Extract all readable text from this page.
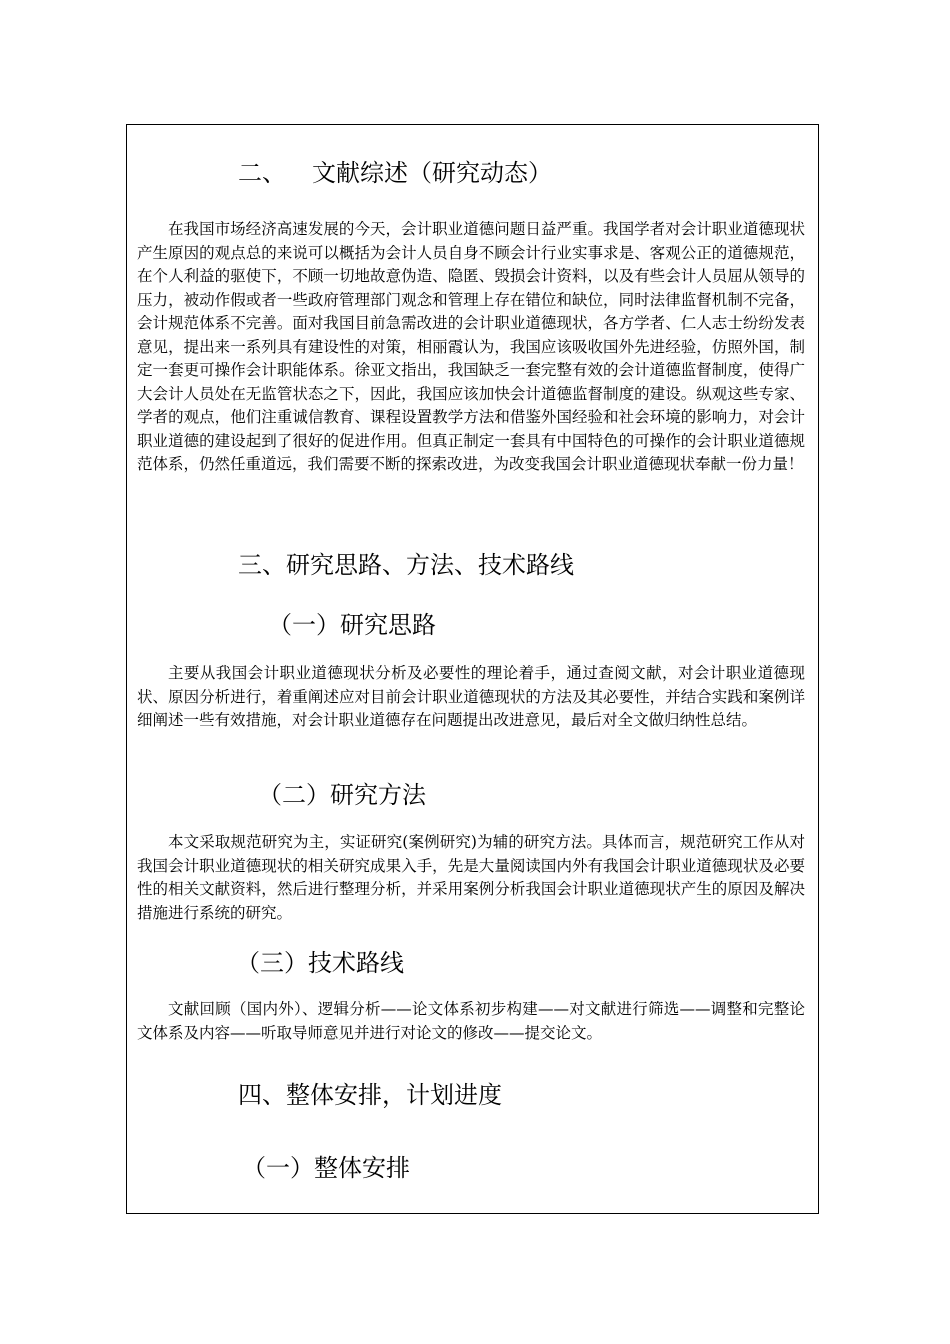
二、 文献综述（研究动态）

在我国市场经济高速发展的今天，会计职业道德问题日益严重。我国学者对会计职业道德现状产生原因的观点总的来说可以概括为会计人员自身不顾会计行业实事求是、客观公正的道德规范，在个人利益的驱使下，不顾一切地故意伪造、隐匿、毁损会计资料，以及有些会计人员屈从领导的压力，被动作假或者一些政府管理部门观念和管理上存在错位和缺位，同时法律监督机制不完备，会计规范体系不完善。面对我国目前急需改进的会计职业道德现状，各方学者、仁人志士纷纷发表意见，提出来一系列具有建设性的对策，相丽霞认为，我国应该吸收国外先进经验，仿照外国，制定一套更可操作会计职能体系。徐亚文指出，我国缺乏一套完整有效的会计道德监督制度，使得广大会计人员处在无监管状态之下，因此，我国应该加快会计道德监督制度的建设。纵观这些专家、学者的观点，他们注重诚信教育、课程设置教学方法和借鉴外国经验和社会环境的影响力，对会计职业道德的建设起到了很好的促进作用。但真正制定一套具有中国特色的可操作的会计职业道德规范体系，仍然任重道远，我们需要不断的探索改进，为改变我国会计职业道德现状奉献一份力量！

三、研究思路、方法、技术路线
（一）研究思路

主要从我国会计职业道德现状分析及必要性的理论着手，通过查阅文献，对会计职业道德现状、原因分析进行，着重阐述应对目前会计职业道德现状的方法及其必要性，并结合实践和案例详细阐述一些有效措施，对会计职业道德存在问题提出改进意见，最后对全文做归纳性总结。

（二）研究方法

本文采取规范研究为主，实证研究(案例研究)为辅的研究方法。具体而言，规范研究工作从对我国会计职业道德现状的相关研究成果入手，先是大量阅读国内外有我国会计职业道德现状及必要性的相关文献资料，然后进行整理分析，并采用案例分析我国会计职业道德现状产生的原因及解决措施进行系统的研究。

（三）技术路线

文献回顾（国内外）、逻辑分析——论文体系初步构建——对文献进行筛选——调整和完整论文体系及内容——听取导师意见并进行对论文的修改——提交论文。

四、整体安排，计划进度
（一）整体安排
